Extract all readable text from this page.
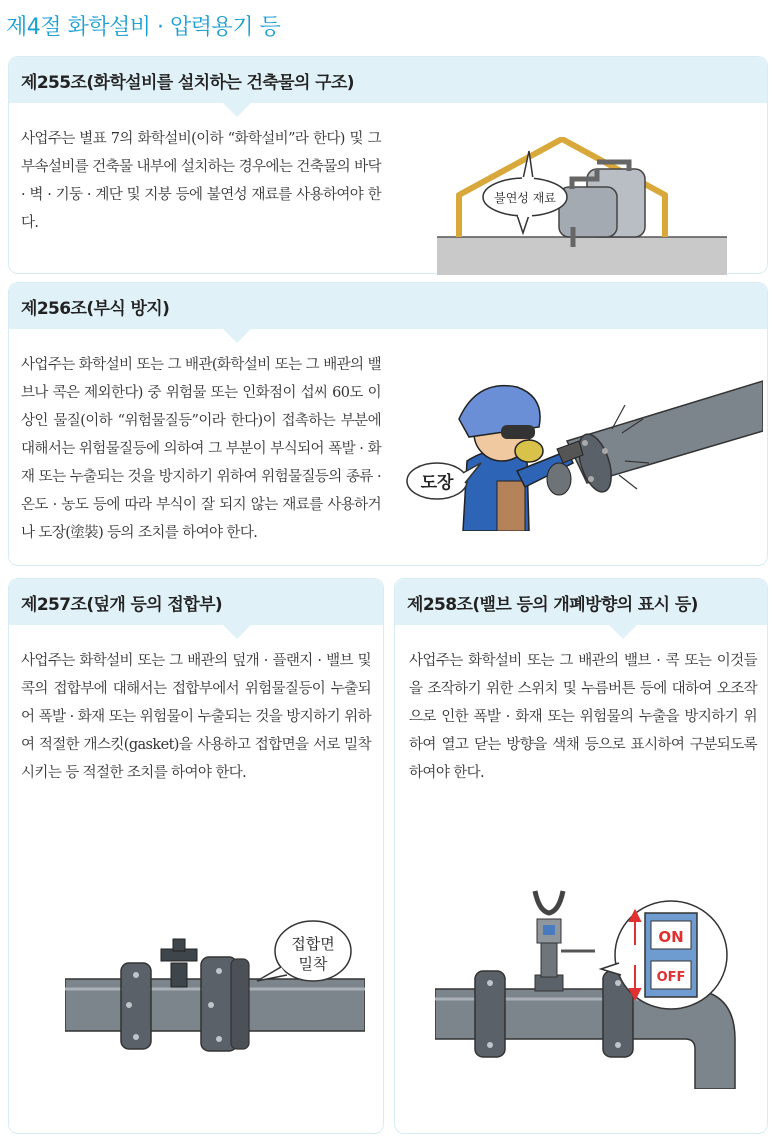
제4절 화학설비 · 압력용기 등
제255조(화학설비를 설치하는 건축물의 구조)
사업주는 별표 7의 화학설비(이하 “화학설비”라 한다) 및 그 부속설비를 건축물 내부에 설치하는 경우에는 건축물의 바닥 · 벽 · 기둥 · 계단 및 지붕 등에 불연성 재료를 사용하여야 한다.
불연성 재료
제256조(부식 방지)
사업주는 화학설비 또는 그 배관(화학설비 또는 그 배관의 밸브나 콕은 제외한다) 중 위험물 또는 인화점이 섭씨 60도 이상인 물질(이하 “위험물질등”이라 한다)이 접촉하는 부분에 대해서는 위험물질등에 의하여 그 부분이 부식되어 폭발 · 화재 또는 누출되는 것을 방지하기 위하여 위험물질등의 종류 · 온도 · 농도 등에 따라 부식이 잘 되지 않는 재료를 사용하거나 도장(塗裝) 등의 조치를 하여야 한다.
도장
제257조(덮개 등의 접합부)
사업주는 화학설비 또는 그 배관의 덮개 · 플랜지 · 밸브 및 콕의 접합부에 대해서는 접합부에서 위험물질등이 누출되어 폭발 · 화재 또는 위험물이 누출되는 것을 방지하기 위하여 적절한 개스킷(gasket)을 사용하고 접합면을 서로 밀착시키는 등 적절한 조치를 하여야 한다.
접합면
밀착
제258조(밸브 등의 개폐방향의 표시 등)
사업주는 화학설비 또는 그 배관의 밸브 · 콕 또는 이것들을 조작하기 위한 스위치 및 누름버튼 등에 대하여 오조작으로 인한 폭발 · 화재 또는 위험물의 누출을 방지하기 위하여 열고 닫는 방향을 색채 등으로 표시하여 구분되도록 하여야 한다.
ON
OFF
